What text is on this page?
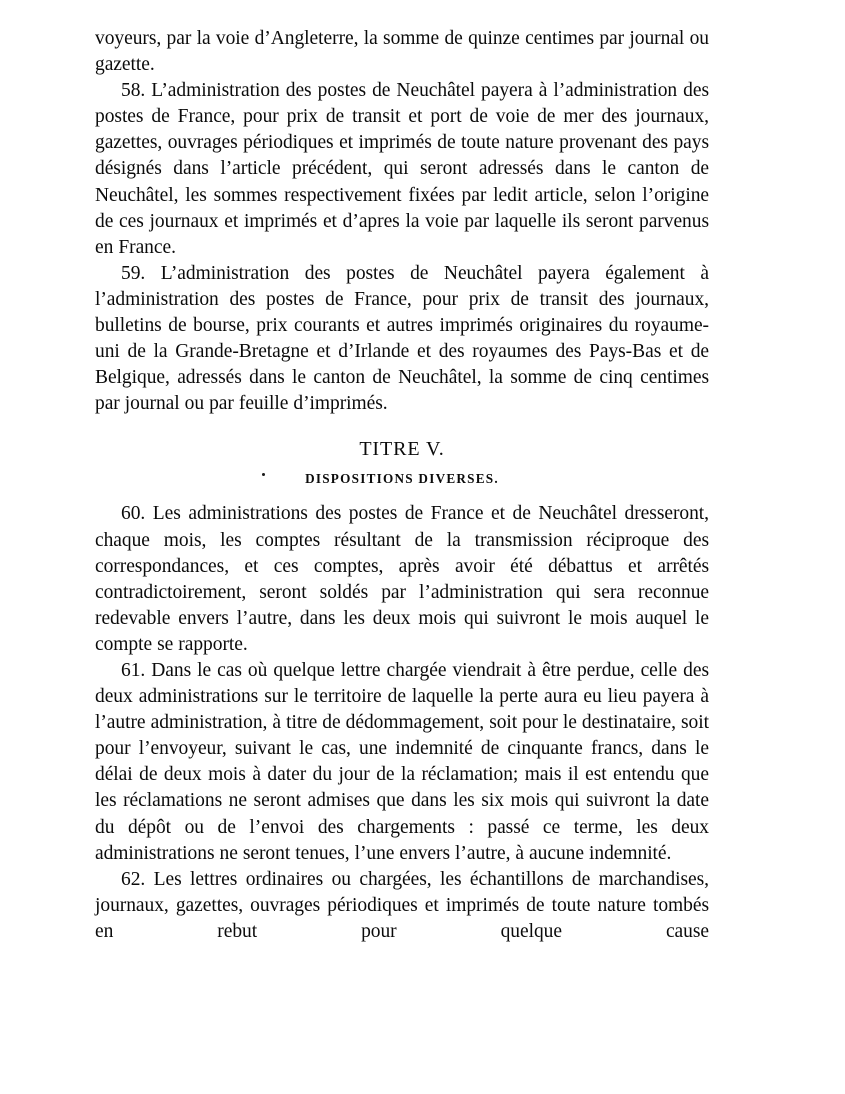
voyeurs, par la voie d’Angleterre, la somme de quinze centimes par journal ou gazette.

58. L’administration des postes de Neuchâtel payera à l’administration des postes de France, pour prix de transit et port de voie de mer des journaux, gazettes, ouvrages périodiques et imprimés de toute nature provenant des pays désignés dans l’article précédent, qui seront adressés dans le canton de Neuchâtel, les sommes respectivement fixées par ledit article, selon l’origine de ces journaux et imprimés et d’apres la voie par laquelle ils seront parvenus en France.

59. L’administration des postes de Neuchâtel payera également à l’administration des postes de France, pour prix de transit des journaux, bulletins de bourse, prix courants et autres imprimés originaires du royaume-uni de la Grande-Bretagne et d’Irlande et des royaumes des Pays-Bas et de Belgique, adressés dans le canton de Neuchâtel, la somme de cinq centimes par journal ou par feuille d’imprimés.

TITRE V.
DISPOSITIONS DIVERSES.

60. Les administrations des postes de France et de Neuchâtel dresseront, chaque mois, les comptes résultant de la transmission réciproque des correspondances, et ces comptes, après avoir été débattus et arrêtés contradictoirement, seront soldés par l’administration qui sera reconnue redevable envers l’autre, dans les deux mois qui suivront le mois auquel le compte se rapporte.

61. Dans le cas où quelque lettre chargée viendrait à être perdue, celle des deux administrations sur le territoire de laquelle la perte aura eu lieu payera à l’autre administration, à titre de dédommagement, soit pour le destinataire, soit pour l’envoyeur, suivant le cas, une indemnité de cinquante francs, dans le délai de deux mois à dater du jour de la réclamation; mais il est entendu que les réclamations ne seront admises que dans les six mois qui suivront la date du dépôt ou de l’envoi des chargements : passé ce terme, les deux administrations ne seront tenues, l’une envers l’autre, à aucune indemnité.

62. Les lettres ordinaires ou chargées, les échantillons de marchandises, journaux, gazettes, ouvrages périodiques et imprimés de toute nature tombés en rebut pour quelque cause
